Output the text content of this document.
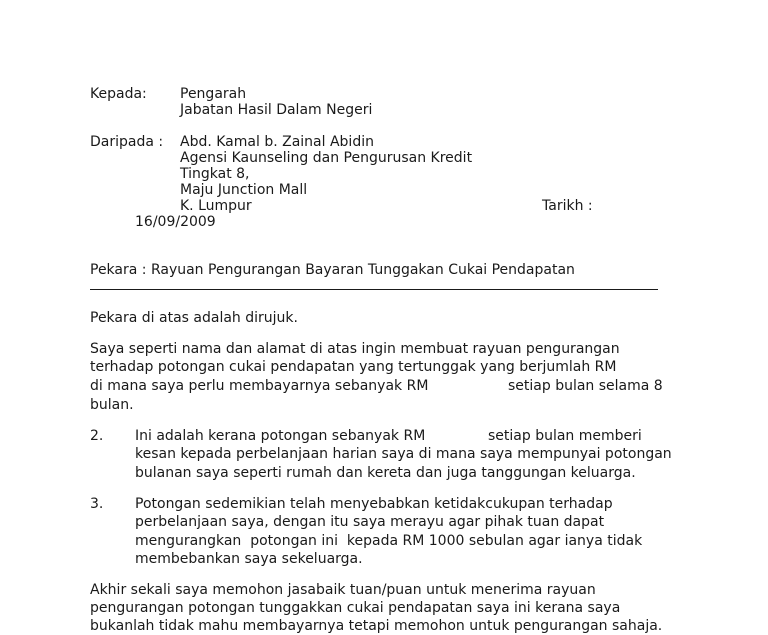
Kepada: Pengarah
Jabatan Hasil Dalam Negeri
Daripada : Abd. Kamal b. Zainal Abidin
Agensi Kaunseling dan Pengurusan Kredit
Tingkat 8,
Maju Junction Mall
K. Lumpur	Tarikh :
16/09/2009
Pekara : Rayuan Pengurangan Bayaran Tunggakan Cukai Pendapatan
Pekara di atas adalah dirujuk.
Saya seperti nama dan alamat di atas ingin membuat rayuan pengurangan
terhadap potongan cukai pendapatan yang tertunggak yang berjumlah RM
di mana saya perlu membayarnya sebanyak RM	setiap bulan selama 8
bulan.
2. Ini adalah kerana potongan sebanyak RM	setiap bulan memberi
kesan kepada perbelanjaan harian saya di mana saya mempunyai potongan
bulanan saya seperti rumah dan kereta dan juga tanggungan keluarga.
3. Potongan sedemikian telah menyebabkan ketidakcukupan terhadap
perbelanjaan saya, dengan itu saya merayu agar pihak tuan dapat
mengurangkan  potongan ini  kepada RM 1000 sebulan agar ianya tidak
membebankan saya sekeluarga.
Akhir sekali saya memohon jasabaik tuan/puan untuk menerima rayuan
pengurangan potongan tunggakkan cukai pendapatan saya ini kerana saya
bukanlah tidak mahu membayarnya tetapi memohon untuk pengurangan sahaja.
